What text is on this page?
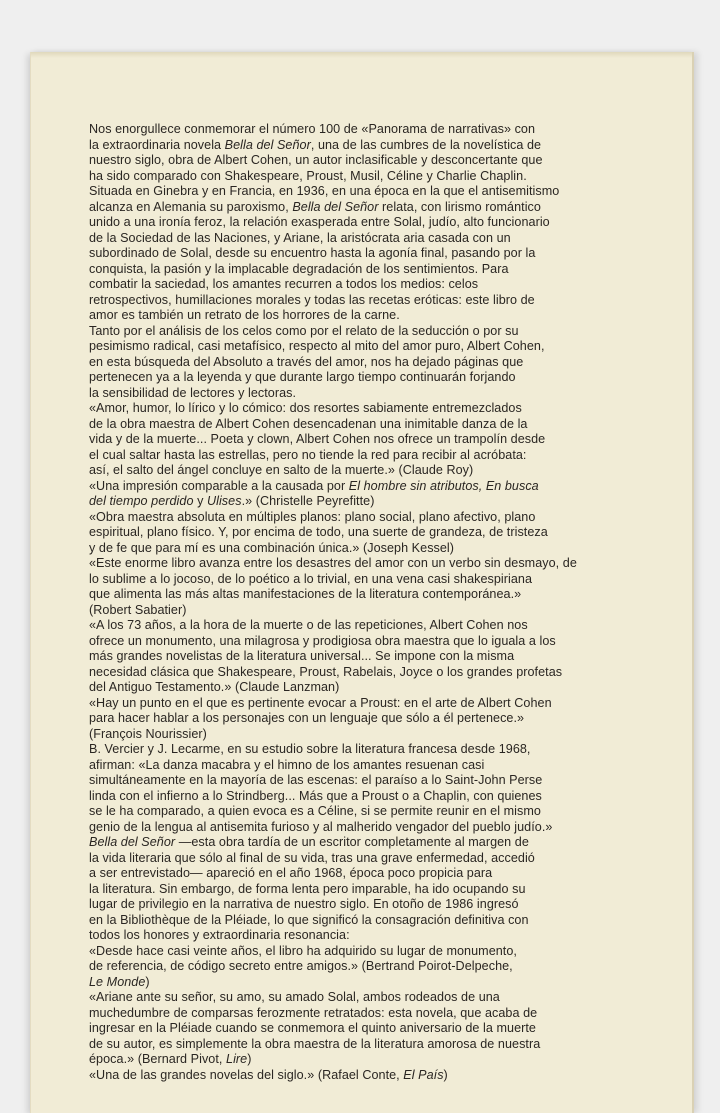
Nos enorgullece conmemorar el número 100 de «Panorama de narrativas» con
la extraordinaria novela Bella del Señor, una de las cumbres de la novelística de
nuestro siglo, obra de Albert Cohen, un autor inclasificable y desconcertante que
ha sido comparado con Shakespeare, Proust, Musil, Céline y Charlie Chaplin.
Situada en Ginebra y en Francia, en 1936, en una época en la que el antisemitismo
alcanza en Alemania su paroxismo, Bella del Señor relata, con lirismo romántico
unido a una ironía feroz, la relación exasperada entre Solal, judío, alto funcionario
de la Sociedad de las Naciones, y Ariane, la aristócrata aria casada con un
subordinado de Solal, desde su encuentro hasta la agonía final, pasando por la
conquista, la pasión y la implacable degradación de los sentimientos. Para
combatir la saciedad, los amantes recurren a todos los medios: celos
retrospectivos, humillaciones morales y todas las recetas eróticas: este libro de
amor es también un retrato de los horrores de la carne.
Tanto por el análisis de los celos como por el relato de la seducción o por su
pesimismo radical, casi metafísico, respecto al mito del amor puro, Albert Cohen,
en esta búsqueda del Absoluto a través del amor, nos ha dejado páginas que
pertenecen ya a la leyenda y que durante largo tiempo continuarán forjando
la sensibilidad de lectores y lectoras.
«Amor, humor, lo lírico y lo cómico: dos resortes sabiamente entremezclados
de la obra maestra de Albert Cohen desencadenan una inimitable danza de la
vida y de la muerte... Poeta y clown, Albert Cohen nos ofrece un trampolín desde
el cual saltar hasta las estrellas, pero no tiende la red para recibir al acróbata:
así, el salto del ángel concluye en salto de la muerte.» (Claude Roy)
«Una impresión comparable a la causada por El hombre sin atributos, En busca
del tiempo perdido y Ulises.» (Christelle Peyrefitte)
«Obra maestra absoluta en múltiples planos: plano social, plano afectivo, plano
espiritual, plano físico. Y, por encima de todo, una suerte de grandeza, de tristeza
y de fe que para mí es una combinación única.» (Joseph Kessel)
«Este enorme libro avanza entre los desastres del amor con un verbo sin desmayo, de
lo sublime a lo jocoso, de lo poético a lo trivial, en una vena casi shakespiriana
que alimenta las más altas manifestaciones de la literatura contemporánea.»
(Robert Sabatier)
«A los 73 años, a la hora de la muerte o de las repeticiones, Albert Cohen nos
ofrece un monumento, una milagrosa y prodigiosa obra maestra que lo iguala a los
más grandes novelistas de la literatura universal... Se impone con la misma
necesidad clásica que Shakespeare, Proust, Rabelais, Joyce o los grandes profetas
del Antiguo Testamento.» (Claude Lanzman)
«Hay un punto en el que es pertinente evocar a Proust: en el arte de Albert Cohen
para hacer hablar a los personajes con un lenguaje que sólo a él pertenece.»
(François Nourissier)
B. Vercier y J. Lecarme, en su estudio sobre la literatura francesa desde 1968,
afirman: «La danza macabra y el himno de los amantes resuenan casi
simultáneamente en la mayoría de las escenas: el paraíso a lo Saint-John Perse
linda con el infierno a lo Strindberg... Más que a Proust o a Chaplin, con quienes
se le ha comparado, a quien evoca es a Céline, si se permite reunir en el mismo
genio de la lengua al antisemita furioso y al malherido vengador del pueblo judío.»
Bella del Señor —esta obra tardía de un escritor completamente al margen de
la vida literaria que sólo al final de su vida, tras una grave enfermedad, accedió
a ser entrevistado— apareció en el año 1968, época poco propicia para
la literatura. Sin embargo, de forma lenta pero imparable, ha ido ocupando su
lugar de privilegio en la narrativa de nuestro siglo. En otoño de 1986 ingresó
en la Bibliothèque de la Pléiade, lo que significó la consagración definitiva con
todos los honores y extraordinaria resonancia:
«Desde hace casi veinte años, el libro ha adquirido su lugar de monumento,
de referencia, de código secreto entre amigos.» (Bertrand Poirot-Delpeche,
Le Monde)
«Ariane ante su señor, su amo, su amado Solal, ambos rodeados de una
muchedumbre de comparsas ferozmente retratados: esta novela, que acaba de
ingresar en la Pléiade cuando se conmemora el quinto aniversario de la muerte
de su autor, es simplemente la obra maestra de la literatura amorosa de nuestra
época.» (Bernard Pivot, Lire)
«Una de las grandes novelas del siglo.» (Rafael Conte, El País)
